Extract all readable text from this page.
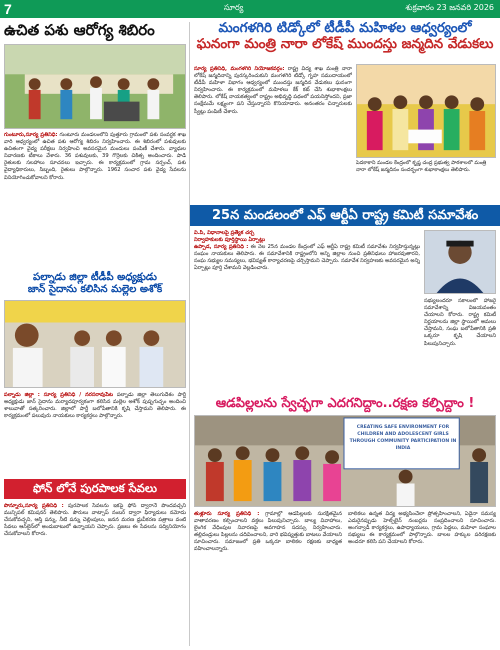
7	సూర్య	శుక్రవారం 23 జనవరి 2026
ఉచిత పశు ఆరోగ్య శిబిరం
గుంటూరు,సూర్య ప్రతినిధి: గుంటూరు మండలంలోని పుత్తూరు గ్రామంలో పశు సంవర్ధక శాఖ వారి ఆధ్వర్యంలో ఉచిత పశు ఆరోగ్య శిబిరం నిర్వహించారు. ఈ శిబిరంలో పశువులకు ఉచితంగా వైద్య పరీక్షలు నిర్వహించి అవసరమైన మందులు పంపిణీ చేశారు. వ్యాధుల నివారణకు టీకాలు వేశారు. 36 పశువులకు, 39 గొర్రెలకు చికిత్స అందించారు. పాడి రైతులకు సలహాలు సూచనలు ఇచ్చారు. ఈ కార్యక్రమంలో గ్రామ సర్పంచ్, పశు వైద్యాధికారులు, సిబ్బంది, రైతులు పాల్గొన్నారు. 1962 సంచార పశు వైద్య సేవలను వినియోగించుకోవాలని కోరారు.
పల్నాడు జిల్లా టీడీపీ అధ్యక్షుడు
జాన్ సైదాను కలిసిన మల్లెల అశోక్
పల్నాడు జిల్లా : సూర్య ప్రతినిధి / నరసరావుపేట పల్నాడు జిల్లా తెలుగుదేశం పార్టీ అధ్యక్షుడు జాన్ సైదాను మర్యాదపూర్వకంగా కలిసిన మల్లెల అశోక్ పుష్పగుచ్ఛం అందించి శాలువాతో సత్కరించారు. జిల్లాలో పార్టీ బలోపేతానికి కృషి చేస్తామని తెలిపారు. ఈ కార్యక్రమంలో పలువురు నాయకులు కార్యకర్తలు పాల్గొన్నారు.
ఫోన్ లోనే పురపాలక సేవలు
పొన్నూరు,సూర్య ప్రతినిధి : పురపాలక సేవలను ఇకపై ఫోన్ ద్వారానే పొందవచ్చని మున్సిపల్ కమిషనర్ తెలిపారు. పౌరులు వాట్సాప్ నంబర్ ద్వారా ఫిర్యాదులు నమోదు చేసుకోవచ్చని, ఆస్తి పన్ను, నీటి పన్ను చెల్లింపులు, జనన మరణ ధ్రువీకరణ పత్రాలు వంటి సేవలు ఆన్‌లైన్‌లో అందుబాటులో ఉన్నాయని చెప్పారు. ప్రజలు ఈ సేవలను సద్వినియోగం చేసుకోవాలని కోరారు.
మంగళగిరి టిడ్కోలో టీడీపీ మహిళల ఆధ్వర్యంలో
ఘనంగా మంత్రి నారా లోకేష్ ముందస్తు జన్మదిన వేడుకలు
సూర్య ప్రతినిధి, మంగళగిరి నియోజకవర్గం: రాష్ట్ర విద్య శాఖ మంత్రి నారా లోకేష్ జన్మదినాన్ని పురస్కరించుకుని మంగళగిరి టిడ్కో గృహ సముదాయంలో టీడీపీ మహిళా విభాగం ఆధ్వర్యంలో ముందస్తు జన్మదిన వేడుకలు ఘనంగా నిర్వహించారు. ఈ కార్యక్రమంలో మహిళలు కేక్ కట్ చేసి శుభాకాంక్షలు తెలిపారు. లోకేష్ నాయకత్వంలో రాష్ట్రం అభివృద్ధి పథంలో పయనిస్తోందని, ప్రజా సంక్షేమమే లక్ష్యంగా పని చేస్తున్నారని కొనియాడారు. అనంతరం చిన్నారులకు స్వీట్లు పంపిణీ చేశారు.
పెదకాకాని మండల కేంద్రంలో కృష్ణ చంద్ర ప్రభుత్వ పాఠశాలలో మంత్రి నారా లోకేష్ జన్మదినం సందర్భంగా శుభాకాంక్షలు తెలిపారు.
25న మండలంలో ఎఫ్ ఆర్టీఏ రాష్ట్ర కమిటీ సమావేశం
వి.పి, విధానాలపై ప్రత్యేక చర్చ
నిర్వాహకులకు పూర్తిస్థాయి ఏర్పాట్లు
ఉప్పాడ, సూర్య ప్రతినిధి : ఈ నెల 25న మండల కేంద్రంలో ఎఫ్ ఆర్టీఏ రాష్ట్ర కమిటీ సమావేశం నిర్వహిస్తున్నట్లు సంఘం నాయకులు తెలిపారు. ఈ సమావేశానికి రాష్ట్రంలోని అన్ని జిల్లాల నుంచి ప్రతినిధులు హాజరవుతారని, సంఘ సభ్యుల సమస్యలు, భవిష్యత్ కార్యాచరణపై చర్చిస్తామని చెప్పారు. సమావేశ నిర్వహణకు అవసరమైన అన్ని ఏర్పాట్లు పూర్తి చేశామని వెల్లడించారు.
సభ్యులందరూ సకాలంలో హాజరై సమావేశాన్ని విజయవంతం చేయాలని కోరారు. రాష్ట్ర కమిటీ నిర్ణయాలను జిల్లా స్థాయిలో అమలు చేస్తామని, సంఘ బలోపేతానికి ప్రతి ఒక్కరూ కృషి చేయాలని పిలుపునిచ్చారు.
ఆడపిల్లలను స్వేచ్ఛగా ఎదగనిద్దాం..రక్షణ కల్పిద్దాం !
CREATING SAFE ENVIRONMENT FOR
CHILDREN AND ADOLESCENT GIRLS
THROUGH COMMUNITY PARTICIPATION IN INDIA
తుళ్లూరు సూర్య ప్రతినిధి : గ్రామాల్లో ఆడపిల్లలకు సురక్షితమైన వాతావరణం కల్పించాలని వక్తలు పిలుపునిచ్చారు. బాల్య వివాహాలు, లైంగిక వేధింపుల నివారణపై అవగాహన సదస్సు నిర్వహించారు. తల్లిదండ్రులు పిల్లలను చదివించాలని, వారి భవిష్యత్తుకు బాటలు వేయాలని సూచించారు. సమాజంలో ప్రతి ఒక్కరూ బాలికల రక్షణకు బాధ్యత వహించాలన్నారు.
బాలికలు ఉన్నత విద్య అభ్యసించేలా ప్రోత్సహించాలని, ఏదైనా సమస్య ఎదురైనప్పుడు హెల్ప్‌లైన్ నంబర్లను సంప్రదించాలని సూచించారు. అంగన్వాడీ కార్యకర్తలు, ఉపాధ్యాయులు, గ్రామ పెద్దలు, మహిళా సంఘాల సభ్యులు ఈ కార్యక్రమంలో పాల్గొన్నారు. బాలల హక్కుల పరిరక్షణకు అందరూ కలిసి పని చేయాలని కోరారు.
